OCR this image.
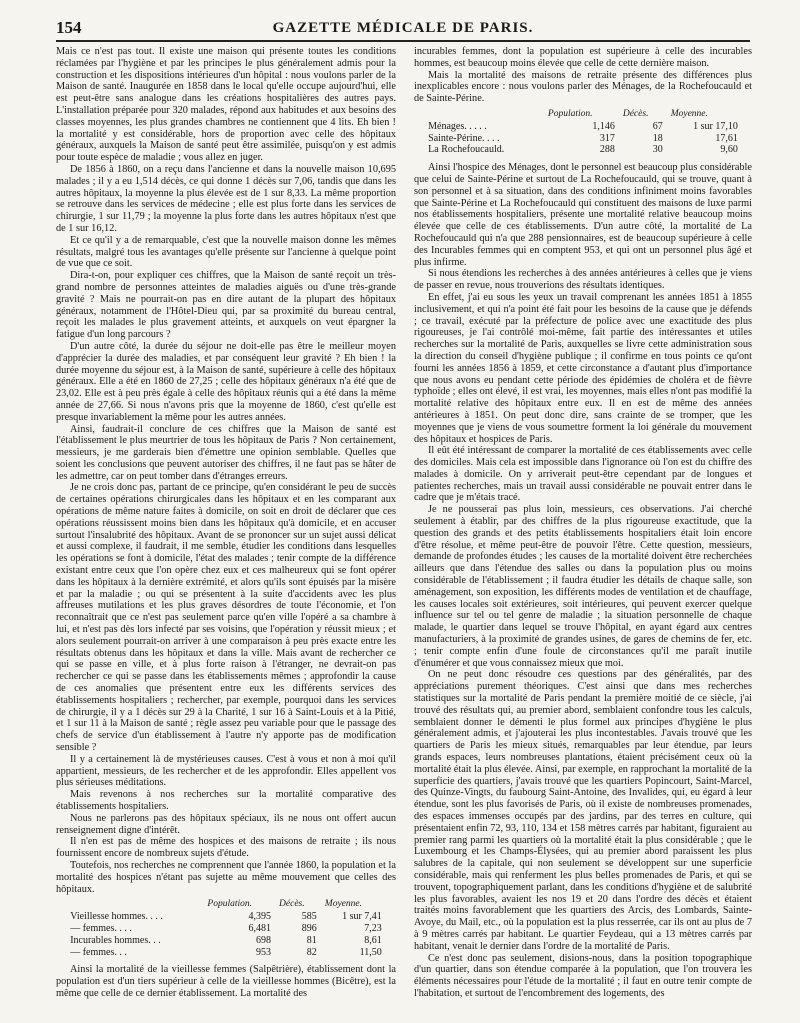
154	GAZETTE MÉDICALE DE PARIS.

Mais ce n'est pas tout. Il existe une maison qui présente toutes les conditions réclamées par l'hygiène et par les principes le plus généralement admis pour la construction et les dispositions intérieures d'un hôpital : nous voulons parler de la Maison de santé. Inaugurée en 1858 dans le local qu'elle occupe aujourd'hui, elle est peut-être sans analogue dans les créations hospitalières des autres pays. L'installation préparée pour 320 malades, répond aux habitudes et aux besoins des classes moyennes, les plus grandes chambres ne contiennent que 4 lits. Eh bien ! la mortalité y est considérable, hors de proportion avec celle des hôpitaux généraux, auxquels la Maison de santé peut être assimilée, puisqu'on y est admis pour toute espèce de maladie ; vous allez en juger.

De 1856 à 1860, on a reçu dans l'ancienne et dans la nouvelle maison 10,695 malades ; il y a eu 1,514 décès, ce qui donne 1 décès sur 7,06, tandis que dans les autres hôpitaux, la moyenne la plus élevée est de 1 sur 8,33. La même proportion se retrouve dans les services de médecine ; elle est plus forte dans les services de chirurgie, 1 sur 11,79 ; la moyenne la plus forte dans les autres hôpitaux n'est que de 1 sur 16,12.

Et ce qu'il y a de remarquable, c'est que la nouvelle maison donne les mêmes résultats, malgré tous les avantages qu'elle présente sur l'ancienne à quelque point de vue que ce soit.

Dira-t-on, pour expliquer ces chiffres, que la Maison de santé reçoit un très-grand nombre de personnes atteintes de maladies aiguës ou d'une très-grande gravité ? Mais ne pourrait-on pas en dire autant de la plupart des hôpitaux généraux, notamment de l'Hôtel-Dieu qui, par sa proximité du bureau central, reçoit les malades le plus gravement atteints, et auxquels on veut épargner la fatigue d'un long parcours ?

D'un autre côté, la durée du séjour ne doit-elle pas être le meilleur moyen d'apprécier la durée des maladies, et par conséquent leur gravité ? Eh bien ! la durée moyenne du séjour est, à la Maison de santé, supérieure à celle des hôpitaux généraux. Elle a été en 1860 de 27,25 ; celle des hôpitaux généraux n'a été que de 23,02. Elle est à peu près égale à celle des hôpitaux réunis qui a été dans la même année de 27,66. Si nous n'avons pris que la moyenne de 1860, c'est qu'elle est presque invariablement la même pour les autres années.

Ainsi, faudrait-il conclure de ces chiffres que la Maison de santé est l'établissement le plus meurtrier de tous les hôpitaux de Paris ? Non certainement, messieurs, je me garderais bien d'émettre une opinion semblable. Quelles que soient les conclusions que peuvent autoriser des chiffres, il ne faut pas se hâter de les admettre, car on peut tomber dans d'étranges erreurs.

Je ne crois donc pas, partant de ce principe, qu'en considérant le peu de succès de certaines opérations chirurgicales dans les hôpitaux et en les comparant aux opérations de même nature faites à domicile, on soit en droit de déclarer que ces opérations réussissent moins bien dans les hôpitaux qu'à domicile, et en accuser surtout l'insalubrité des hôpitaux. Avant de se prononcer sur un sujet aussi délicat et aussi complexe, il faudrait, il me semble, étudier les conditions dans lesquelles les opérations se font à domicile, l'état des malades ; tenir compte de la différence existant entre ceux que l'on opère chez eux et ces malheureux qui se font opérer dans les hôpitaux à la dernière extrémité, et alors qu'ils sont épuisés par la misère et par la maladie ; ou qui se présentent à la suite d'accidents avec les plus affreuses mutilations et les plus graves désordres de toute l'économie, et l'on reconnaîtrait que ce n'est pas seulement parce qu'en ville l'opéré a sa chambre à lui, et n'est pas dès lors infecté par ses voisins, que l'opération y réussit mieux ; et alors seulement pourrait-on arriver à une comparaison à peu près exacte entre les résultats obtenus dans les hôpitaux et dans la ville. Mais avant de rechercher ce qui se passe en ville, et à plus forte raison à l'étranger, ne devrait-on pas rechercher ce qui se passe dans les établissements mêmes ; approfondir la cause de ces anomalies que présentent entre eux les différents services des établissements hospitaliers ; rechercher, par exemple, pourquoi dans les services de chirurgie, il y a 1 décès sur 29 à la Charité, 1 sur 16 à Saint-Louis et à la Pitié, et 1 sur 11 à la Maison de santé ; règle assez peu variable pour que le passage des chefs de service d'un établissement à l'autre n'y apporte pas de modification sensible ?

Il y a certainement là de mystérieuses causes. C'est à vous et non à moi qu'il appartient, messieurs, de les rechercher et de les approfondir. Elles appellent vos plus sérieuses méditations.

Mais revenons à nos recherches sur la mortalité comparative des établissements hospitaliers.

Nous ne parlerons pas des hôpitaux spéciaux, ils ne nous ont offert aucun renseignement digne d'intérêt.

Il n'en est pas de même des hospices et des maisons de retraite ; ils nous fournissent encore de nombreux sujets d'étude.

Toutefois, nos recherches ne comprennent que l'année 1860, la population et la mortalité des hospices n'étant pas sujette au même mouvement que celles des hôpitaux.

	Population.	Décès.	Moyenne.
Vieillesse hommes. . . .	4,395	585	1 sur 7,41
— femmes. . . .	6,481	896	7,23
Incurables hommes. . .	698	81	8,61
— femmes. . .	953	82	11,50

Ainsi la mortalité de la vieillesse femmes (Salpêtrière), établissement dont la population est d'un tiers supérieur à celle de la vieillesse hommes (Bicêtre), est la même que celle de ce dernier établissement. La mortalité des

incurables femmes, dont la population est supérieure à celle des incurables hommes, est beaucoup moins élevée que celle de cette dernière maison.

Mais la mortalité des maisons de retraite présente des différences plus inexplicables encore : nous voulons parler des Ménages, de la Rochefoucauld et de Sainte-Périne.

	Population.	Décès.	Moyenne.
Ménages. . . . .	1,146	67	1 sur 17,10
Sainte-Périne. . . .	317	18	17,61
La Rochefoucauld.	288	30	9,60

Ainsi l'hospice des Ménages, dont le personnel est beaucoup plus considérable que celui de Sainte-Périne et surtout de La Rochefoucauld, qui se trouve, quant à son personnel et à sa situation, dans des conditions infiniment moins favorables que Sainte-Périne et La Rochefoucauld qui constituent des maisons de luxe parmi nos établissements hospitaliers, présente une mortalité relative beaucoup moins élevée que celle de ces établissements. D'un autre côté, la mortalité de La Rochefoucauld qui n'a que 288 pensionnaires, est de beaucoup supérieure à celle des Incurables femmes qui en comptent 953, et qui ont un personnel plus âgé et plus infirme.

Si nous étendions les recherches à des années antérieures à celles que je viens de passer en revue, nous trouverions des résultats identiques.

En effet, j'ai eu sous les yeux un travail comprenant les années 1851 à 1855 inclusivement, et qui n'a point été fait pour les besoins de la cause que je défends ; ce travail, exécuté par la préfecture de police avec une exactitude des plus rigoureuses, je l'ai contrôlé moi-même, fait partie des intéressantes et utiles recherches sur la mortalité de Paris, auxquelles se livre cette administration sous la direction du conseil d'hygiène publique ; il confirme en tous points ce qu'ont fourni les années 1856 à 1859, et cette circonstance a d'autant plus d'importance que nous avons eu pendant cette période des épidémies de choléra et de fièvre typhoïde ; elles ont élevé, il est vrai, les moyennes, mais elles n'ont pas modifié la mortalité relative des hôpitaux entre eux. Il en est de même des années antérieures à 1851. On peut donc dire, sans crainte de se tromper, que les moyennes que je viens de vous soumettre forment la loi générale du mouvement des hôpitaux et hospices de Paris.

Il eût été intéressant de comparer la mortalité de ces établissements avec celle des domiciles. Mais cela est impossible dans l'ignorance où l'on est du chiffre des malades à domicile. On y arriverait peut-être cependant par de longues et patientes recherches, mais un travail aussi considérable ne pouvait entrer dans le cadre que je m'étais tracé.

Je ne pousserai pas plus loin, messieurs, ces observations. J'ai cherché seulement à établir, par des chiffres de la plus rigoureuse exactitude, que la question des grands et des petits établissements hospitaliers était loin encore d'être résolue, et même peut-être de pouvoir l'être. Cette question, messieurs, demande de profondes études ; les causes de la mortalité doivent être recherchées ailleurs que dans l'étendue des salles ou dans la population plus ou moins considérable de l'établissement ; il faudra étudier les détails de chaque salle, son aménagement, son exposition, les différents modes de ventilation et de chauffage, les causes locales soit extérieures, soit intérieures, qui peuvent exercer quelque influence sur tel ou tel genre de maladie ; la situation personnelle de chaque malade, le quartier dans lequel se trouve l'hôpital, en ayant égard aux centres manufacturiers, à la proximité de grandes usines, de gares de chemins de fer, etc. ; tenir compte enfin d'une foule de circonstances qu'il me paraît inutile d'énumérer et que vous connaissez mieux que moi.

On ne peut donc résoudre ces questions par des généralités, par des appréciations purement théoriques. C'est ainsi que dans mes recherches statistiques sur la mortalité de Paris pendant la première moitié de ce siècle, j'ai trouvé des résultats qui, au premier abord, semblaient confondre tous les calculs, semblaient donner le démenti le plus formel aux principes d'hygiène le plus généralement admis, et j'ajouterai les plus incontestables. J'avais trouvé que les quartiers de Paris les mieux situés, remarquables par leur étendue, par leurs grands espaces, leurs nombreuses plantations, étaient précisément ceux où la mortalité était la plus élevée. Ainsi, par exemple, en rapprochant la mortalité de la superficie des quartiers, j'avais trouvé que les quartiers Popincourt, Saint-Marcel, des Quinze-Vingts, du faubourg Saint-Antoine, des Invalides, qui, eu égard à leur étendue, sont les plus favorisés de Paris, où il existe de nombreuses promenades, des espaces immenses occupés par des jardins, par des terres en culture, qui présentaient enfin 72, 93, 110, 134 et 158 mètres carrés par habitant, figuraient au premier rang parmi les quartiers où la mortalité était la plus considérable ; que le Luxembourg et les Champs-Élysées, qui au premier abord paraissent les plus salubres de la capitale, qui non seulement se développent sur une superficie considérable, mais qui renferment les plus belles promenades de Paris, et qui se trouvent, topographiquement parlant, dans les conditions d'hygiène et de salubrité les plus favorables, avaient les nos 19 et 20 dans l'ordre des décès et étaient traités moins favorablement que les quartiers des Arcis, des Lombards, Sainte-Avoye, du Mail, etc., où la population est la plus resserrée, car ils ont au plus de 7 à 9 mètres carrés par habitant. Le quartier Feydeau, qui a 13 mètres carrés par habitant, venait le dernier dans l'ordre de la mortalité de Paris.

Ce n'est donc pas seulement, disions-nous, dans la position topographique d'un quartier, dans son étendue comparée à la population, que l'on trouvera les éléments nécessaires pour l'étude de la mortalité ; il faut en outre tenir compte de l'habitation, et surtout de l'encombrement des logements, des
